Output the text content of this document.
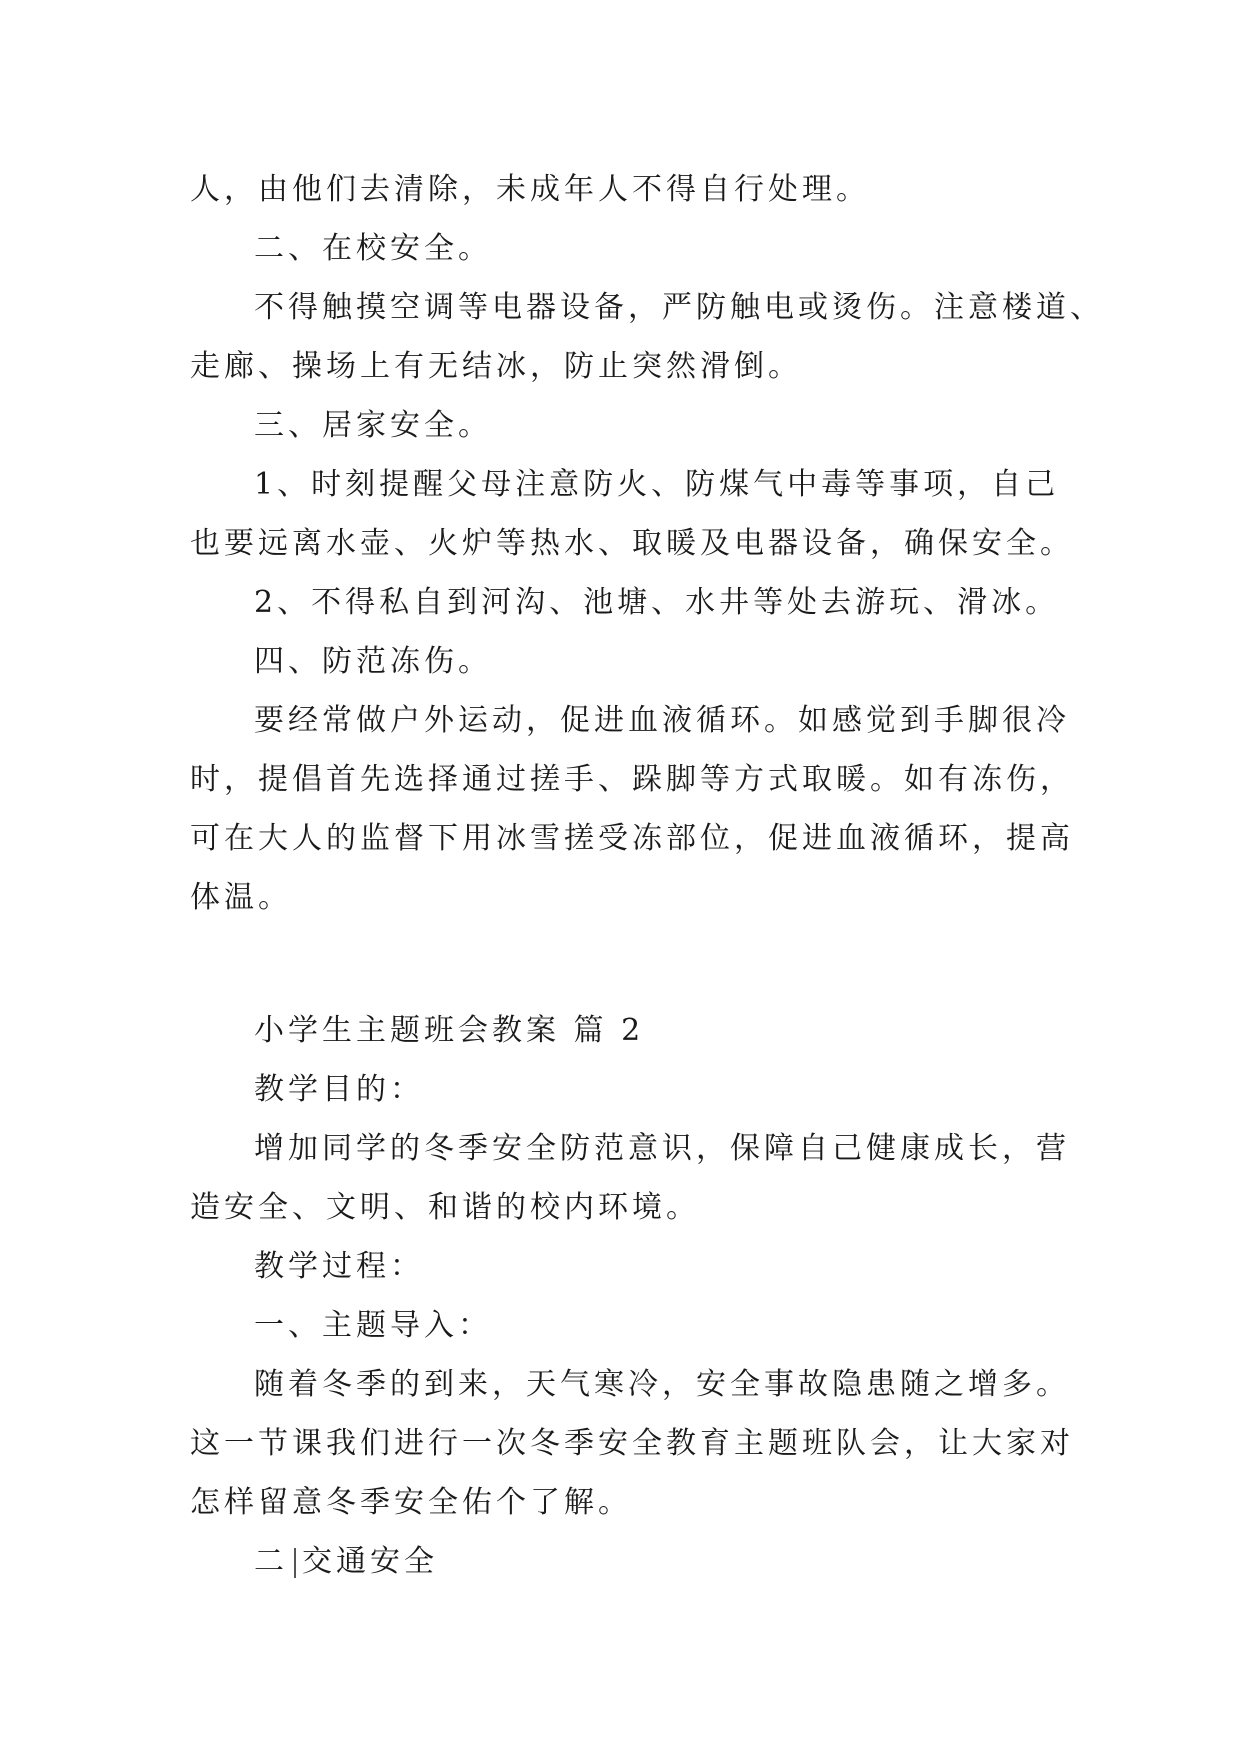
人，由他们去清除，未成年人不得自行处理。
二、在校安全。
不得触摸空调等电器设备，严防触电或烫伤。注意楼道、
走廊、操场上有无结冰，防止突然滑倒。
三、居家安全。
1、时刻提醒父母注意防火、防煤气中毒等事项，自己
也要远离水壶、火炉等热水、取暖及电器设备，确保安全。
2、不得私自到河沟、池塘、水井等处去游玩、滑冰。
四、防范冻伤。
要经常做户外运动，促进血液循环。如感觉到手脚很冷
时，提倡首先选择通过搓手、跺脚等方式取暖。如有冻伤，
可在大人的监督下用冰雪搓受冻部位，促进血液循环，提高
体温。
小学生主题班会教案 篇 2
教学目的：
增加同学的冬季安全防范意识，保障自己健康成长，营
造安全、文明、和谐的校内环境。
教学过程：
一、主题导入：
随着冬季的到来，天气寒冷，安全事故隐患随之增多。
这一节课我们进行一次冬季安全教育主题班队会，让大家对
怎样留意冬季安全佑个了解。
二 交通安全
